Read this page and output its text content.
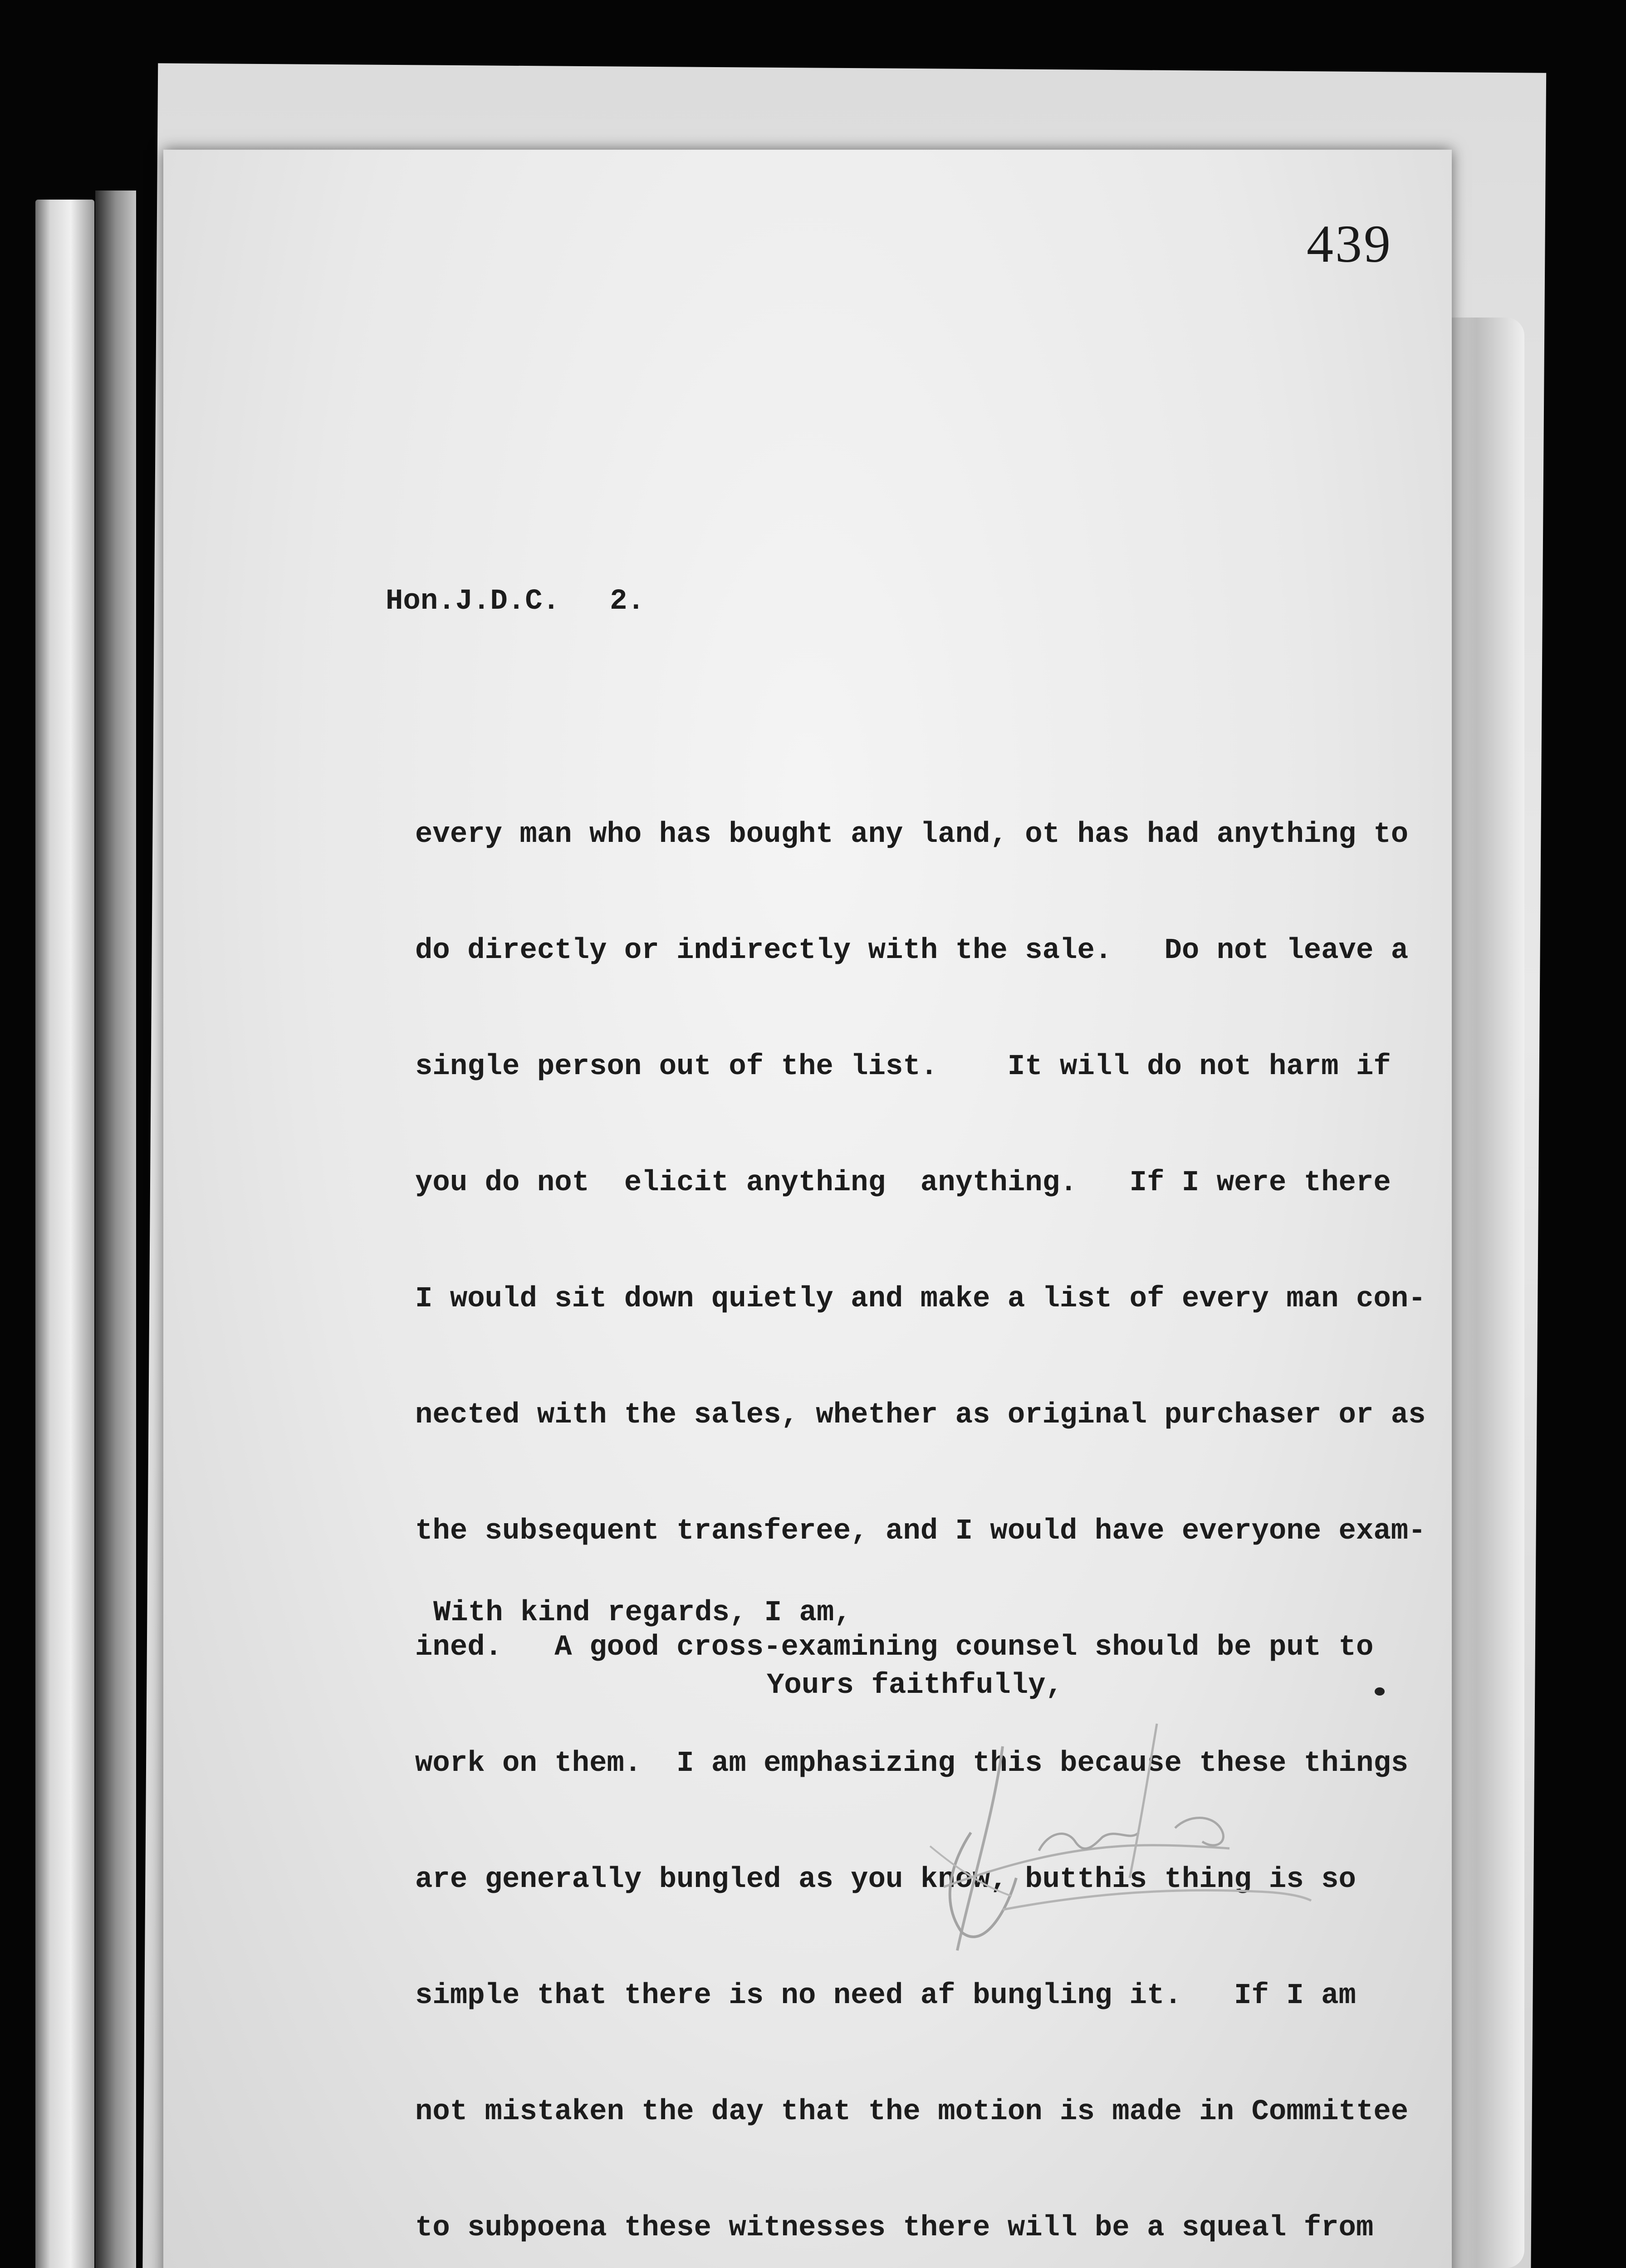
439
Hon.J.D.C. 2.

every man who has bought any land, ot has had anything to

do directly or indirectly with the sale.   Do not leave a

single person out of the list.    It will do not harm if

you do not  elicit anything  anything.   If I were there

I would sit down quietly and make a list of every man con-

nected with the sales, whether as original purchaser or as

the subsequent transferee, and I would have everyone exam-

ined.   A good cross-examining counsel should be put to

work on them.  I am emphasizing this because these things

are generally bungled as you know, butthis thing is so

simple that there is no need af bungling it.   If I am

not mistaken the day that the motion is made in Committee

to subpoena these witnesses there will be a squeal from

With kind regards, I am,
Yours faithfully,
